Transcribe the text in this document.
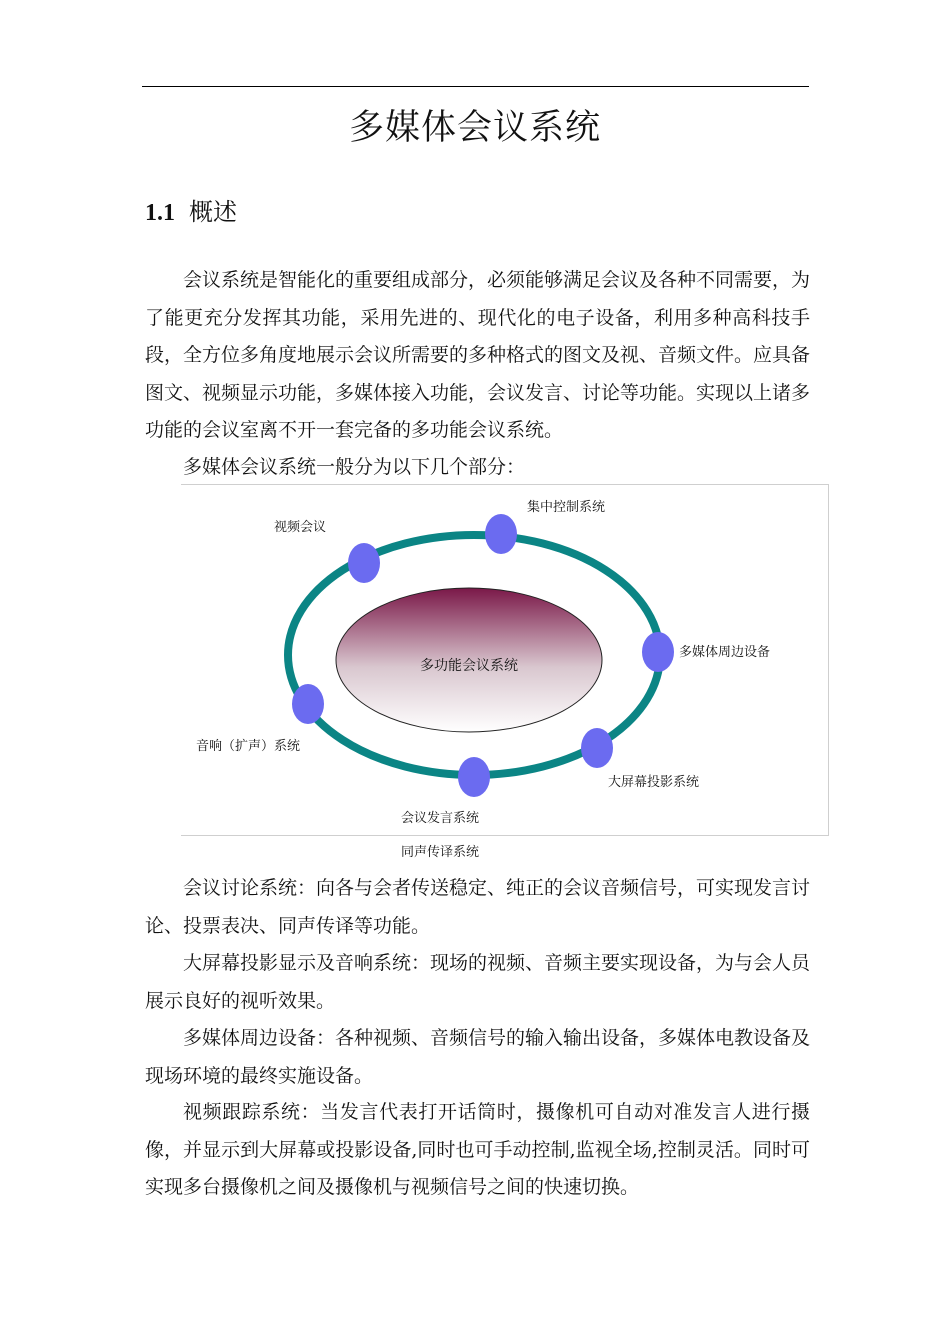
多媒体会议系统
1.1 概述

会议系统是智能化的重要组成部分，必须能够满足会议及各种不同需要，为了能更充分发挥其功能，采用先进的、现代化的电子设备，利用多种高科技手段，全方位多角度地展示会议所需要的多种格式的图文及视、音频文件。应具备图文、视频显示功能，多媒体接入功能，会议发言、讨论等功能。实现以上诸多功能的会议室离不开一套完备的多功能会议系统。

多媒体会议系统一般分为以下几个部分：

多功能会议系统
集中控制系统
视频会议
多媒体周边设备
音响（扩声）系统
大屏幕投影系统
会议发言系统
同声传译系统

会议讨论系统：向各与会者传送稳定、纯正的会议音频信号，可实现发言讨论、投票表决、同声传译等功能。

大屏幕投影显示及音响系统：现场的视频、音频主要实现设备，为与会人员展示良好的视听效果。

多媒体周边设备：各种视频、音频信号的输入输出设备，多媒体电教设备及现场环境的最终实施设备。

视频跟踪系统：当发言代表打开话筒时，摄像机可自动对准发言人进行摄像，并显示到大屏幕或投影设备,同时也可手动控制,监视全场,控制灵活。同时可实现多台摄像机之间及摄像机与视频信号之间的快速切换。
